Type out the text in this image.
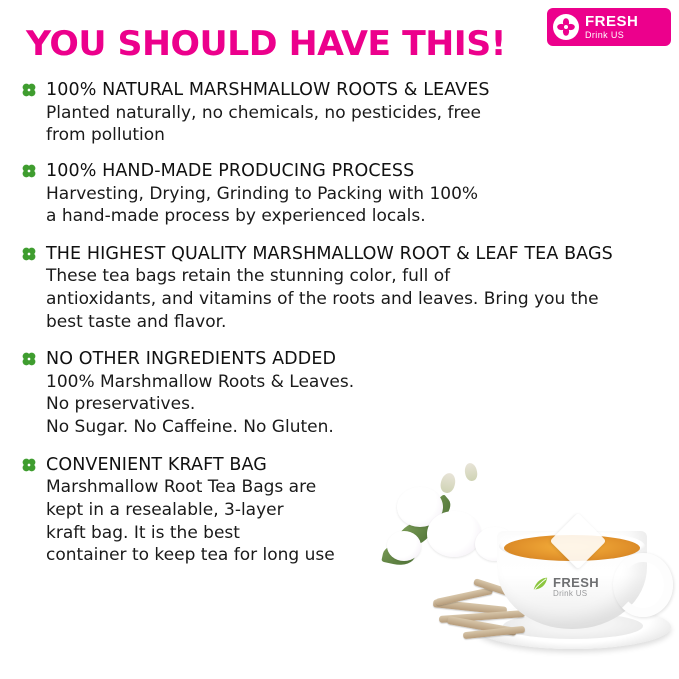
FRESH
Drink US
YOU SHOULD HAVE THIS!
100% NATURAL MARSHMALLOW ROOTS & LEAVES
Planted naturally, no chemicals, no pesticides, free
from pollution
100% HAND-MADE PRODUCING PROCESS
Harvesting, Drying, Grinding to Packing with 100%
a hand-made process by experienced locals.
THE HIGHEST QUALITY MARSHMALLOW ROOT & LEAF TEA BAGS
These tea bags retain the stunning color, full of
antioxidants, and vitamins of the roots and leaves. Bring you the
best taste and flavor.
NO OTHER INGREDIENTS ADDED
100% Marshmallow Roots & Leaves.
No preservatives.
No Sugar. No Caffeine. No Gluten.
CONVENIENT KRAFT BAG
Marshmallow Root Tea Bags are
kept in a resealable, 3-layer
kraft bag. It is the best
container to keep tea for long use
FRESH
Drink US
